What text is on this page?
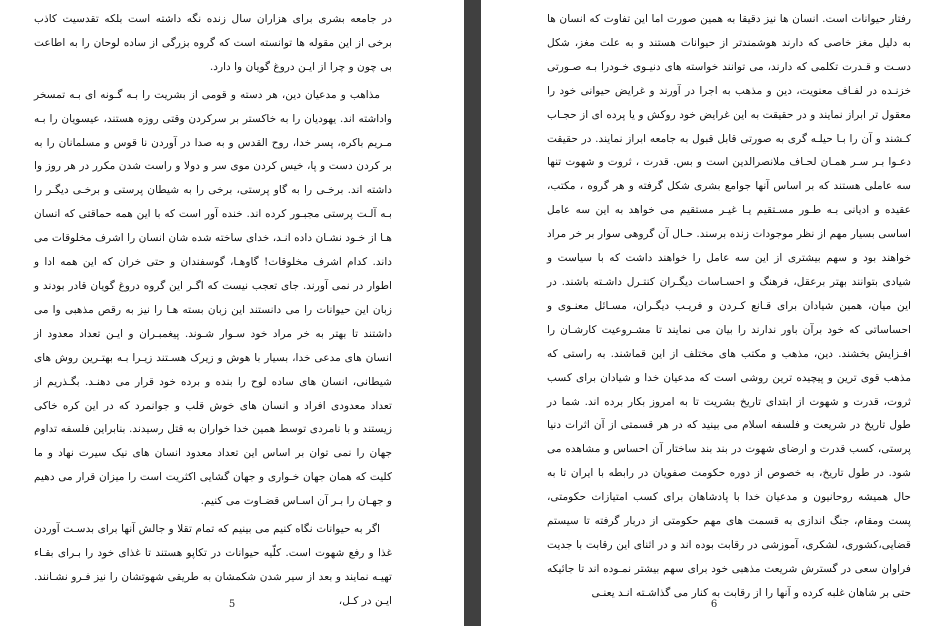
در جامعه بشری برای هزاران سال زنده نگه داشته است بلکه تقدسیت کاذب برخی از این مقوله ها توانسته است که گروه بزرگی از ساده لوحان را به اطاعت بی چون و چرا از ایـن دروغ گویان وا دارد.

مذاهب و مدعیان دین، هر دسته و قومی از بشریت را بـه گـونه ای بـه تمسخر واداشته اند. یهودیان را به خاکستر بر سرکردن وقتی روزه هستند، عیسویان را بـه مـریم باکره، پسر خدا، روح القدس و به صدا در آوردن نا قوس و مسلمانان را به بر کردن دست و پا، خیس کردن موی سر و دولا و راست شدن مکرر در هر روز وا داشته اند. برخـی را به گاو پرستی، برخی را به شیطان پرستی و برخـی دیگـر را بـه آلـت پرستی مجبـور کرده اند. خنده آور است که با این همه حماقتی که انسان هـا از خـود نشـان داده انـد، خدای ساخته شده شان انسان را اشرف مخلوقات می داند. کدام اشرف مخلوقات! گاوهـا، گوسفندان و حتی خران که این همه ادا و اطوار در نمی آورند. جای تعجب نیست که اگـر این گروه دروغ گویان قادر بودند و زبان این حیوانات را می دانستند این زبان بسته هـا را نیز به رقص مذهبی وا می داشتند تا بهتر به خر مراد خود سـوار شـوند. پیغمبـران و ایـن تعداد معدود از انسان های مدعی خدا، بسیار با هوش و زیرک هسـتند زیـرا بـه بهتـرین روش های شیطانی، انسان های ساده لوح را بنده و برده خود قرار می دهنـد. بگـذریم از تعداد معدودی افراد و انسان های خوش قلب و جوانمرد که در این کره خاکی زیستند و با نامردی توسط همین خدا خواران به قتل رسیدند. بنابراین فلسفه تداوم جهان را نمی توان بر اساس این تعداد معدود انسان های نیک سیرت نهاد و ما کلیت که همان جهان خـواری و جهان گشایی اکثریت است را میزان قرار می دهیم و جهـان را بـر آن اسـاس قضـاوت می کنیم.

اگر به حیوانات نگاه کنیم می بینیم که تمام تقلا و جالش آنها برای بدسـت آوردن غذا و رفع شهوت است. کلّیه حیوانات در تکاپو هستند تا غذای خود را بـرای بقـاء تهیـه نمایند و بعد از سیر شدن شکمشان به طریقی شهوتشان را نیز فـرو نشـانند. ایـن در کـل،

5

رفتار حیوانات است. انسان ها نیز دقیقا به همین صورت اما این تفاوت که انسان ها به دلیل مغز خاصی که دارند هوشمندتر از حیوانات هستند و به علت مغز، شکل دسـت و قـدرت تکلمی که دارند، می توانند خواسته های دنیـوی خـودرا بـه صـورتی خزنـده در لفـاف معنویت، دین و مذهب به اجرا در آورند و غرایض حیوانی خود را معقول تر ابراز نمایند و در حقیقت به این غرایض خود روکش و یا پرده ای از حجـاب کـشند و آن را بـا حیلـه گری به صورتی قابل قبول به جامعه ابراز نمایند. در حقیقت دعـوا بـر سـر همـان لحـاف ملانصرالدین است و بس. قدرت ، ثروت و شهوت تنها سه عاملی هستند که بر اساس آنها جوامع بشری شکل گرفته و هر گروه ، مکتب، عقیده و ادیانی بـه طـور مسـتقیم یـا غیـر مستقیم می خواهد به این سه عامل اساسی بسیار مهم از نظر موجودات زنده برسند. حـال آن گروهی سوار بر خر مراد خواهند بود و سهم بیشتری از این سه عامل را خواهند داشت که با سیاست و شیادی بتوانند بهتر برعقل، فرهنگ و احسـاسات دیگـران کنتـرل داشـته باشند. در این میان، همین شیادان برای قـانع کـردن و فریـب دیگـران، مسـائل معنـوی و احساساتی که خود برآن باور ندارند را بیان می نمایند تا مشـروعیت کارشـان را افـزایش بخشند. دین، مذهب و مکتب های مختلف از این قماشند. به راستی که مذهب قوی ترین و پیچیده ترین روشی است که مدعیان خدا و شیادان برای کسب ثروت، قدرت و شهوت از ابتدای تاریخ بشریت تا به امروز بکار برده اند. شما در طول تاریخ در شریعت و فلسفه اسلام می بینید که در هر قسمتی از آن اثرات دنیا پرستی، کسب قدرت و ارضای شهوت در بند بند ساختار آن احساس و مشاهده می شود. در طول تاریخ، به خصوص از دوره حکومت صفویان در رابطه با ایران تا به حال همیشه روحانیون و مدعیان خدا با پادشاهان برای کسب امتیازات حکومتی، پست ومقام، جنگ اندازی به قسمت های مهم حکومتی از دربار گرفته تا سیستم قضایی،کشوری، لشکری، آموزشی در رقابت بوده اند و در اثنای این رقابت با جدیت فراوان سعی در گسترش شریعت مذهبی خود برای سهم بیشتر نمـوده اند تا جائیکه حتی بر شاهان غلبه کرده و آنها را از رقابت به کنار می گذاشـته انـد یعنـی

6
